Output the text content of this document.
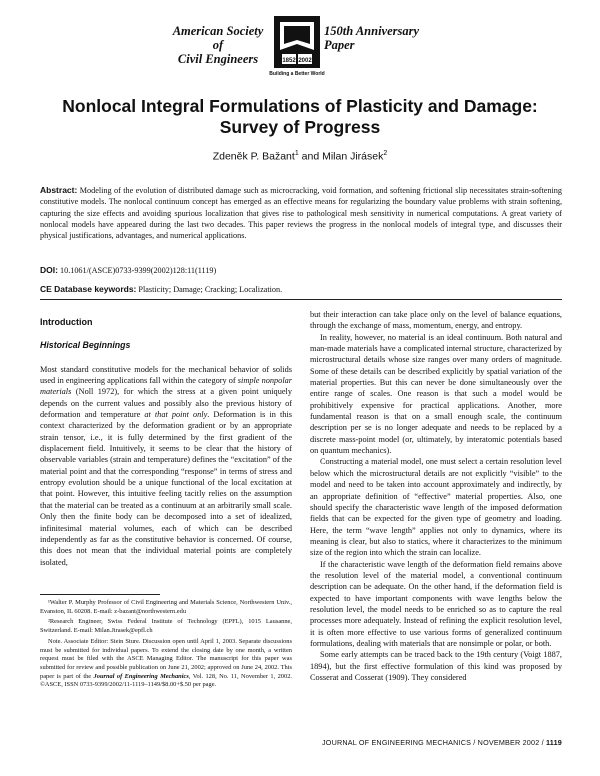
American Society of
Civil Engineers	1852 2002
150th Anniversary
Paper
Building a Better World
Nonlocal Integral Formulations of Plasticity and Damage:
Survey of Progress
Zdeněk P. Bažant$^1$ and Milan Jirásek$^2$
Abstract: Modeling of the evolution of distributed damage such as microcracking, void formation, and softening frictional slip necessitates strain-softening constitutive models. The nonlocal continuum concept has emerged as an effective means for regularizing the boundary value problems with strain softening, capturing the size effects and avoiding spurious localization that gives rise to pathological mesh sensitivity in numerical computations. A great variety of nonlocal models have appeared during the last two decades. This paper reviews the progress in the nonlocal models of integral type, and discusses their physical justifications, advantages, and numerical applications.
DOI: 10.1061/(ASCE)0733-9399(2002)128:11(1119)
CE Database keywords: Plasticity; Damage; Cracking; Localization.
Introduction
Historical Beginnings

Most standard constitutive models for the mechanical behavior of solids used in engineering applications fall within the category of simple nonpolar materials (Noll 1972), for which the stress at a given point uniquely depends on the current values and possibly also the previous history of deformation and temperature at that point only. Deformation is in this context characterized by the deformation gradient or by an appropriate strain tensor, i.e., it is fully determined by the first gradient of the displacement field. Intuitively, it seems to be clear that the history of observable variables (strain and temperature) defines the “excitation” of the material point and that the corresponding “response” in terms of stress and entropy evolution should be a unique functional of the local excitation at that point. However, this intuitive feeling tacitly relies on the assumption that the material can be treated as a continuum at an arbitrarily small scale. Only then the finite body can be decomposed into a set of idealized, infinitesimal material volumes, each of which can be described independently as far as the constitutive behavior is concerned. Of course, this does not mean that the individual material points are completely isolated,

¹Walter P. Murphy Professor of Civil Engineering and Materials Science, Northwestern Univ., Evanston, IL 60208. E-mail: z-bazant@northwestern.edu

²Research Engineer, Swiss Federal Institute of Technology (EPFL), 1015 Lausanne, Switzerland. E-mail: Milan.Jirasek@epfl.ch

Note. Associate Editor: Stein Sture. Discussion open until April 1, 2003. Separate discussions must be submitted for individual papers. To extend the closing date by one month, a written request must be filed with the ASCE Managing Editor. The manuscript for this paper was submitted for review and possible publication on June 21, 2002; approved on June 24, 2002. This paper is part of the Journal of Engineering Mechanics, Vol. 128, No. 11, November 1, 2002. ©ASCE, ISSN 0733-9399/2002/11-1119–1149/$8.00+$.50 per page.

but their interaction can take place only on the level of balance equations, through the exchange of mass, momentum, energy, and entropy.

In reality, however, no material is an ideal continuum. Both natural and man-made materials have a complicated internal structure, characterized by microstructural details whose size ranges over many orders of magnitude. Some of these details can be described explicitly by spatial variation of the material properties. But this can never be done simultaneously over the entire range of scales. One reason is that such a model would be prohibitively expensive for practical applications. Another, more fundamental reason is that on a small enough scale, the continuum description per se is no longer adequate and needs to be replaced by a discrete mass-point model (or, ultimately, by interatomic potentials based on quantum mechanics).

Constructing a material model, one must select a certain resolution level below which the microstructural details are not explicitly “visible” to the model and need to be taken into account approximately and indirectly, by an appropriate definition of “effective” material properties. Also, one should specify the characteristic wave length of the imposed deformation fields that can be expected for the given type of geometry and loading. Here, the term “wave length” applies not only to dynamics, where its meaning is clear, but also to statics, where it characterizes to the minimum size of the region into which the strain can localize.

If the characteristic wave length of the deformation field remains above the resolution level of the material model, a conventional continuum description can be adequate. On the other hand, if the deformation field is expected to have important components with wave lengths below the resolution level, the model needs to be enriched so as to capture the real processes more adequately. Instead of refining the explicit resolution level, it is often more effective to use various forms of generalized continuum formulations, dealing with materials that are nonsimple or polar, or both.

Some early attempts can be traced back to the 19th century (Voigt 1887, 1894), but the first effective formulation of this kind was proposed by Cosserat and Cosserat (1909). They considered

JOURNAL OF ENGINEERING MECHANICS / NOVEMBER 2002 / 1119
